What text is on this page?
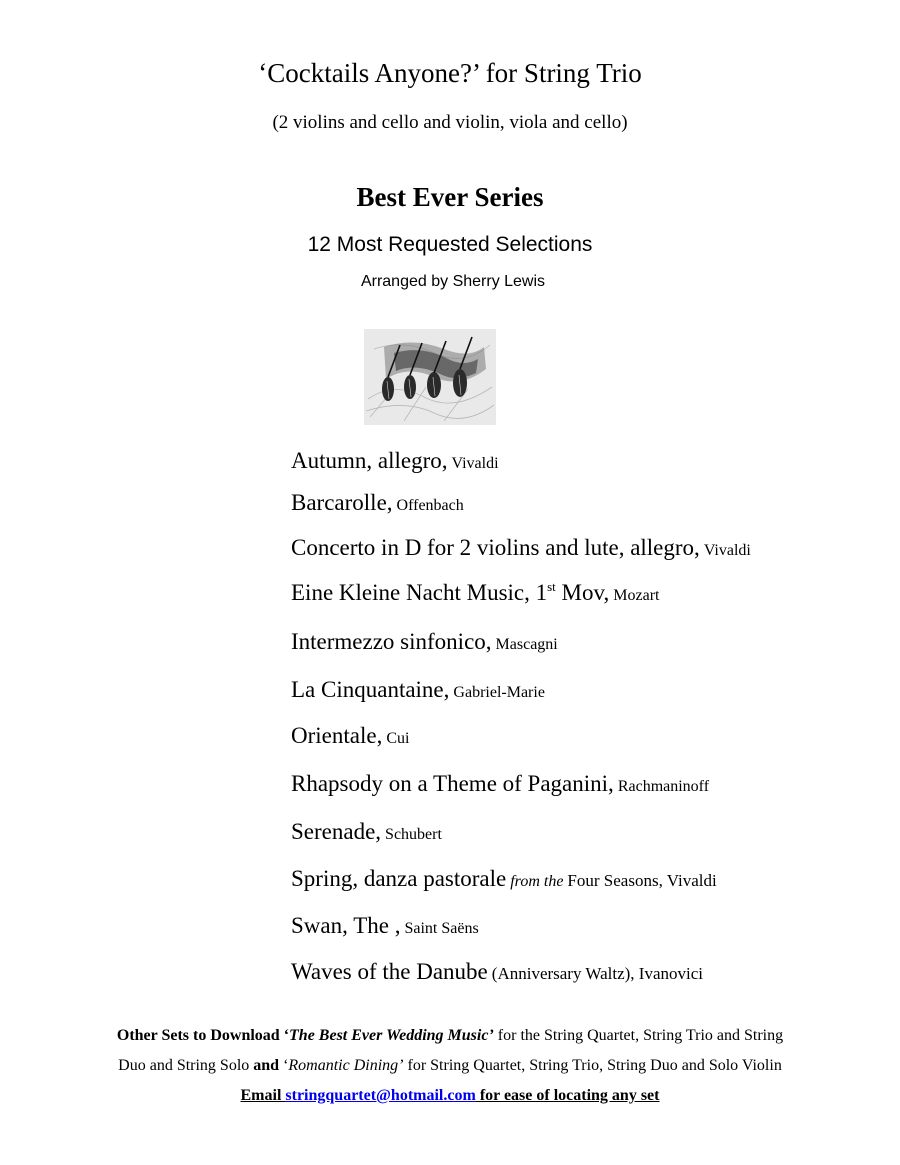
‘Cocktails Anyone?’ for String Trio
(2 violins and cello and violin, viola and cello)
Best Ever Series
12 Most Requested Selections
Arranged by Sherry Lewis
Autumn, allegro, Vivaldi
Barcarolle, Offenbach
Concerto in D for 2 violins and lute, allegro, Vivaldi
Eine Kleine Nacht Music, 1st Mov, Mozart
Intermezzo sinfonico, Mascagni
La Cinquantaine, Gabriel-Marie
Orientale, Cui
Rhapsody on a Theme of Paganini, Rachmaninoff
Serenade, Schubert
Spring, danza pastorale from the Four Seasons, Vivaldi
Swan, The , Saint Saëns
Waves of the Danube (Anniversary Waltz), Ivanovici
Other Sets to Download ‘The Best Ever Wedding Music’ for the String Quartet, String Trio and String
Duo and String Solo and ‘Romantic Dining’ for String Quartet, String Trio, String Duo and Solo Violin
Email stringquartet@hotmail.com for ease of locating any set
